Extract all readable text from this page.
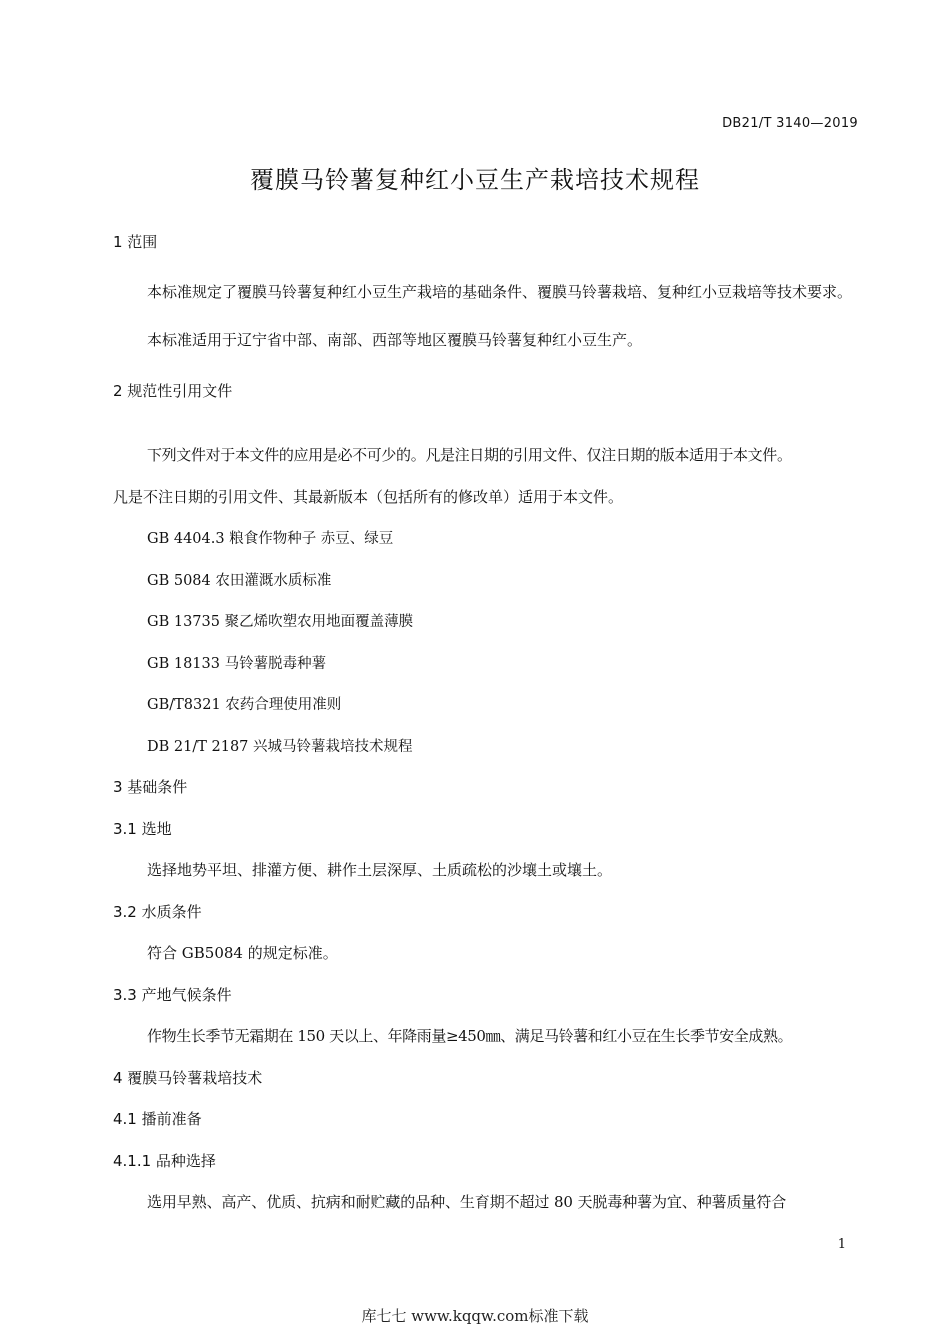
DB21/T 3140—2019
覆膜马铃薯复种红小豆生产栽培技术规程
1 范围
本标准规定了覆膜马铃薯复种红小豆生产栽培的基础条件、覆膜马铃薯栽培、复种红小豆栽培等技术要求。
本标准适用于辽宁省中部、南部、西部等地区覆膜马铃薯复种红小豆生产。
2 规范性引用文件
下列文件对于本文件的应用是必不可少的。凡是注日期的引用文件、仅注日期的版本适用于本文件。
凡是不注日期的引用文件、其最新版本（包括所有的修改单）适用于本文件。
GB 4404.3 粮食作物种子 赤豆、绿豆
GB 5084 农田灌溉水质标准
GB 13735 聚乙烯吹塑农用地面覆盖薄膜
GB 18133 马铃薯脱毒种薯
GB/T8321 农药合理使用准则
DB 21/T 2187 兴城马铃薯栽培技术规程
3 基础条件
3.1 选地
选择地势平坦、排灌方便、耕作土层深厚、土质疏松的沙壤土或壤土。
3.2 水质条件
符合 GB5084 的规定标准。
3.3 产地气候条件
作物生长季节无霜期在 150 天以上、年降雨量≥450㎜、满足马铃薯和红小豆在生长季节安全成熟。
4 覆膜马铃薯栽培技术
4.1 播前准备
4.1.1 品种选择
选用早熟、高产、优质、抗病和耐贮藏的品种、生育期不超过 80 天脱毒种薯为宜、种薯质量符合
1
库七七 www.kqqw.com标准下载
